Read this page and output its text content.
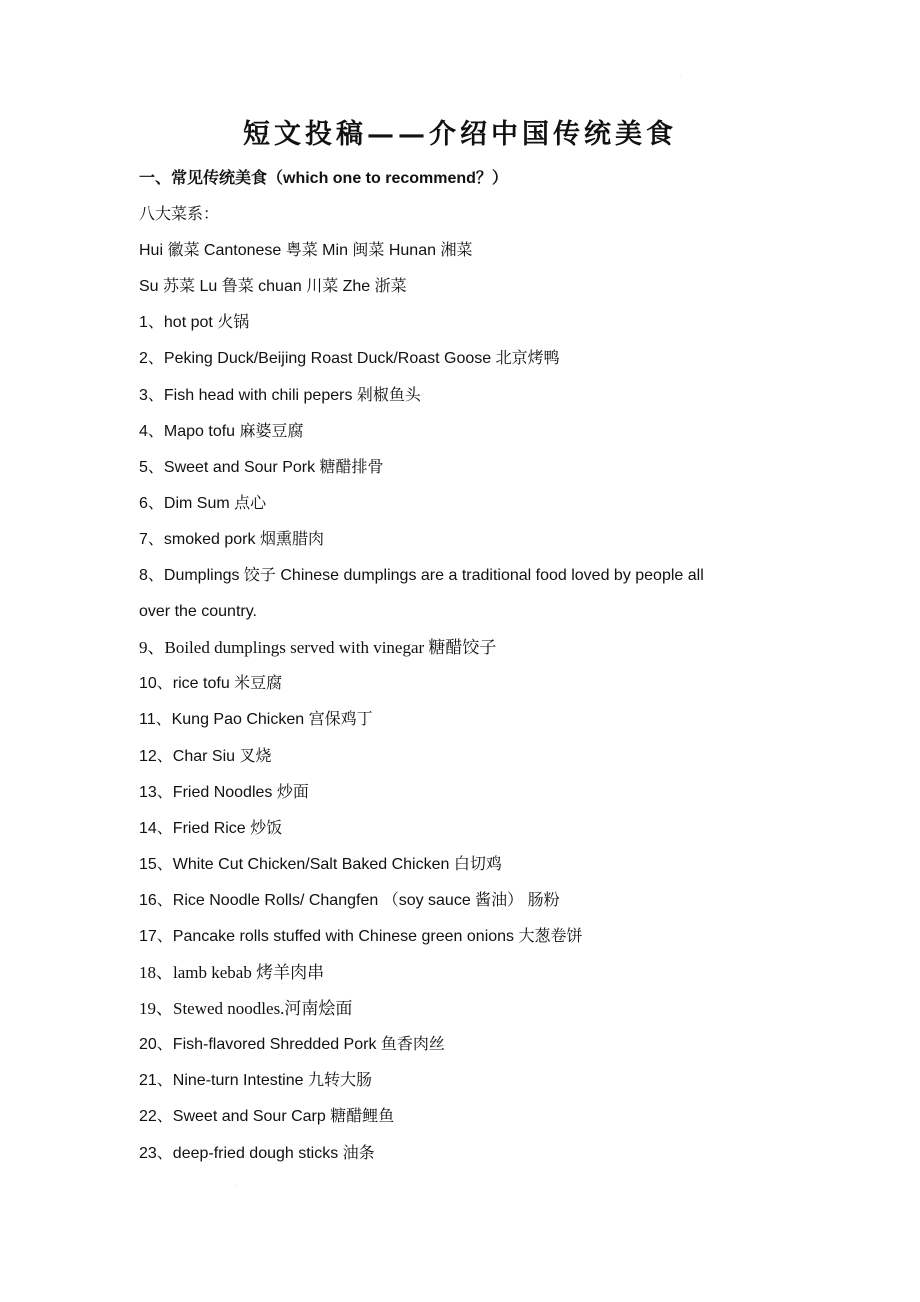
:
短文投稿——介绍中国传统美食
一、常见传统美食（which one to recommend？）
八大菜系：
Hui 徽菜 Cantonese 粤菜 Min 闽菜 Hunan 湘菜
Su 苏菜 Lu 鲁菜 chuan 川菜 Zhe 浙菜
1、hot pot 火锅
2、Peking Duck/Beijing Roast Duck/Roast Goose 北京烤鸭
3、Fish head with chili pepers 剁椒鱼头
4、Mapo tofu 麻婆豆腐
5、Sweet and Sour Pork 糖醋排骨
6、Dim Sum 点心
7、smoked pork 烟熏腊肉
8、Dumplings 饺子 Chinese dumplings are a traditional food loved by people all
over the country.
9、Boiled dumplings served with vinegar 糖醋饺子
10、rice tofu 米豆腐
11、Kung Pao Chicken 宫保鸡丁
12、Char Siu 叉烧
13、Fried Noodles 炒面
14、Fried Rice 炒饭
15、White Cut Chicken/Salt Baked Chicken 白切鸡
16、Rice Noodle Rolls/ Changfen （soy sauce 酱油） 肠粉
17、Pancake rolls stuffed with Chinese green onions 大葱卷饼
18、lamb kebab 烤羊肉串
19、Stewed noodles.河南烩面
20、Fish-flavored Shredded Pork 鱼香肉丝
21、Nine-turn Intestine 九转大肠
22、Sweet and Sour Carp 糖醋鲤鱼
23、deep-fried dough sticks 油条
:
